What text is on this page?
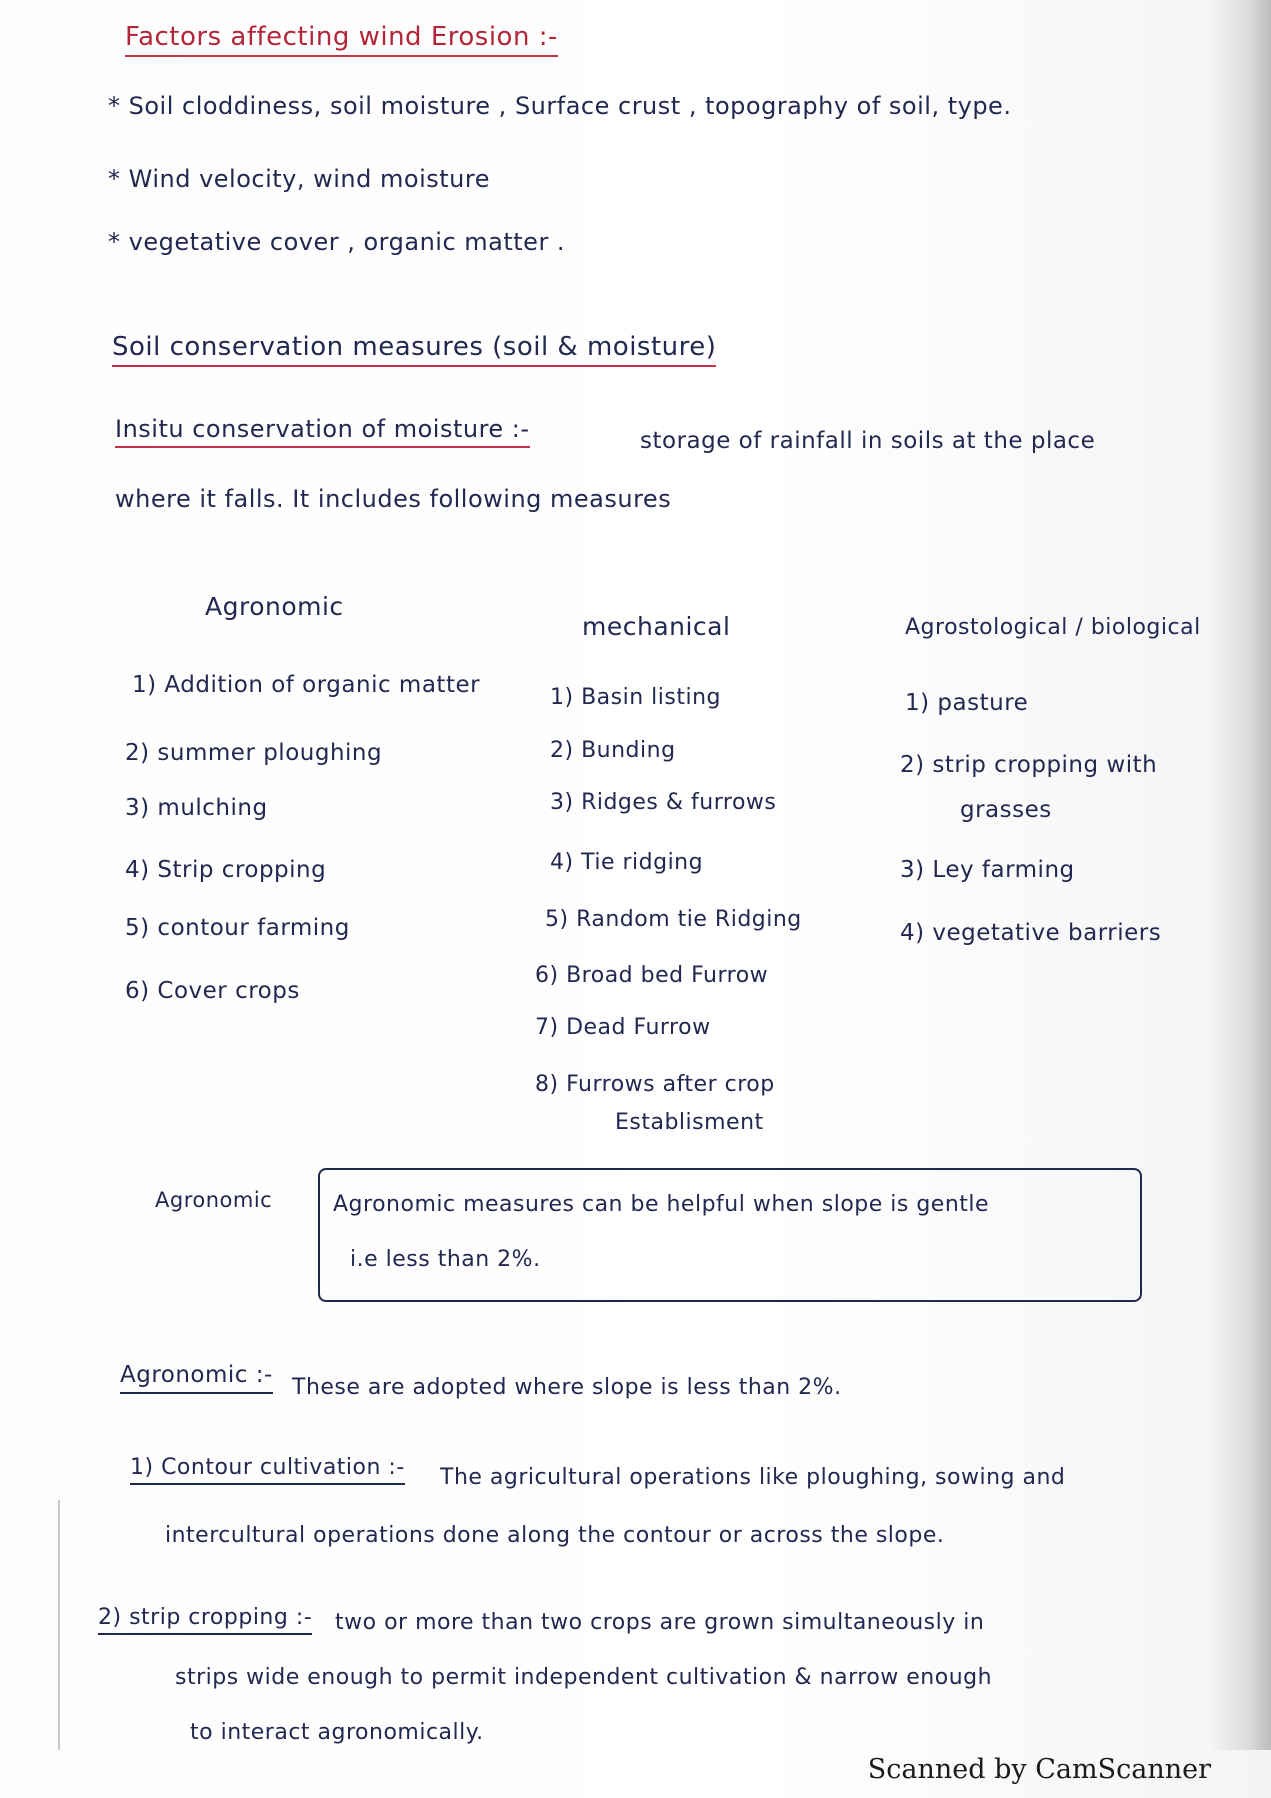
Factors affecting wind Erosion :-
* Soil cloddiness, soil moisture , Surface crust , topography of soil, type.
* Wind velocity, wind moisture
* vegetative cover , organic matter .
Soil conservation measures (soil & moisture)
Insitu conservation of moisture :-	storage of rainfall in soils at the place
where it falls. It includes following measures
Agronomic
mechanical	Agrostological / biological
1) Addition of organic matter
2) summer ploughing
3) mulching
4) Strip cropping
5) contour farming
6) Cover crops
1) Basin listing
2) Bunding
3) Ridges & furrows
4) Tie ridging
5) Random tie Ridging
6) Broad bed Furrow
7) Dead Furrow
8) Furrows after crop
Establisment
1) pasture
2) strip cropping with
grasses
3) Ley farming
4) vegetative barriers
Agronomic	Agronomic measures can be helpful when slope is gentle
i.e less than 2%.
Agronomic :- These are adopted where slope is less than 2%.
1) Contour cultivation :- The agricultural operations like ploughing, sowing and
intercultural operations done along the contour or across the slope.
2) strip cropping :- two or more than two crops are grown simultaneously in
strips wide enough to permit independent cultivation & narrow enough
to interact agronomically.
Scanned by CamScanner
